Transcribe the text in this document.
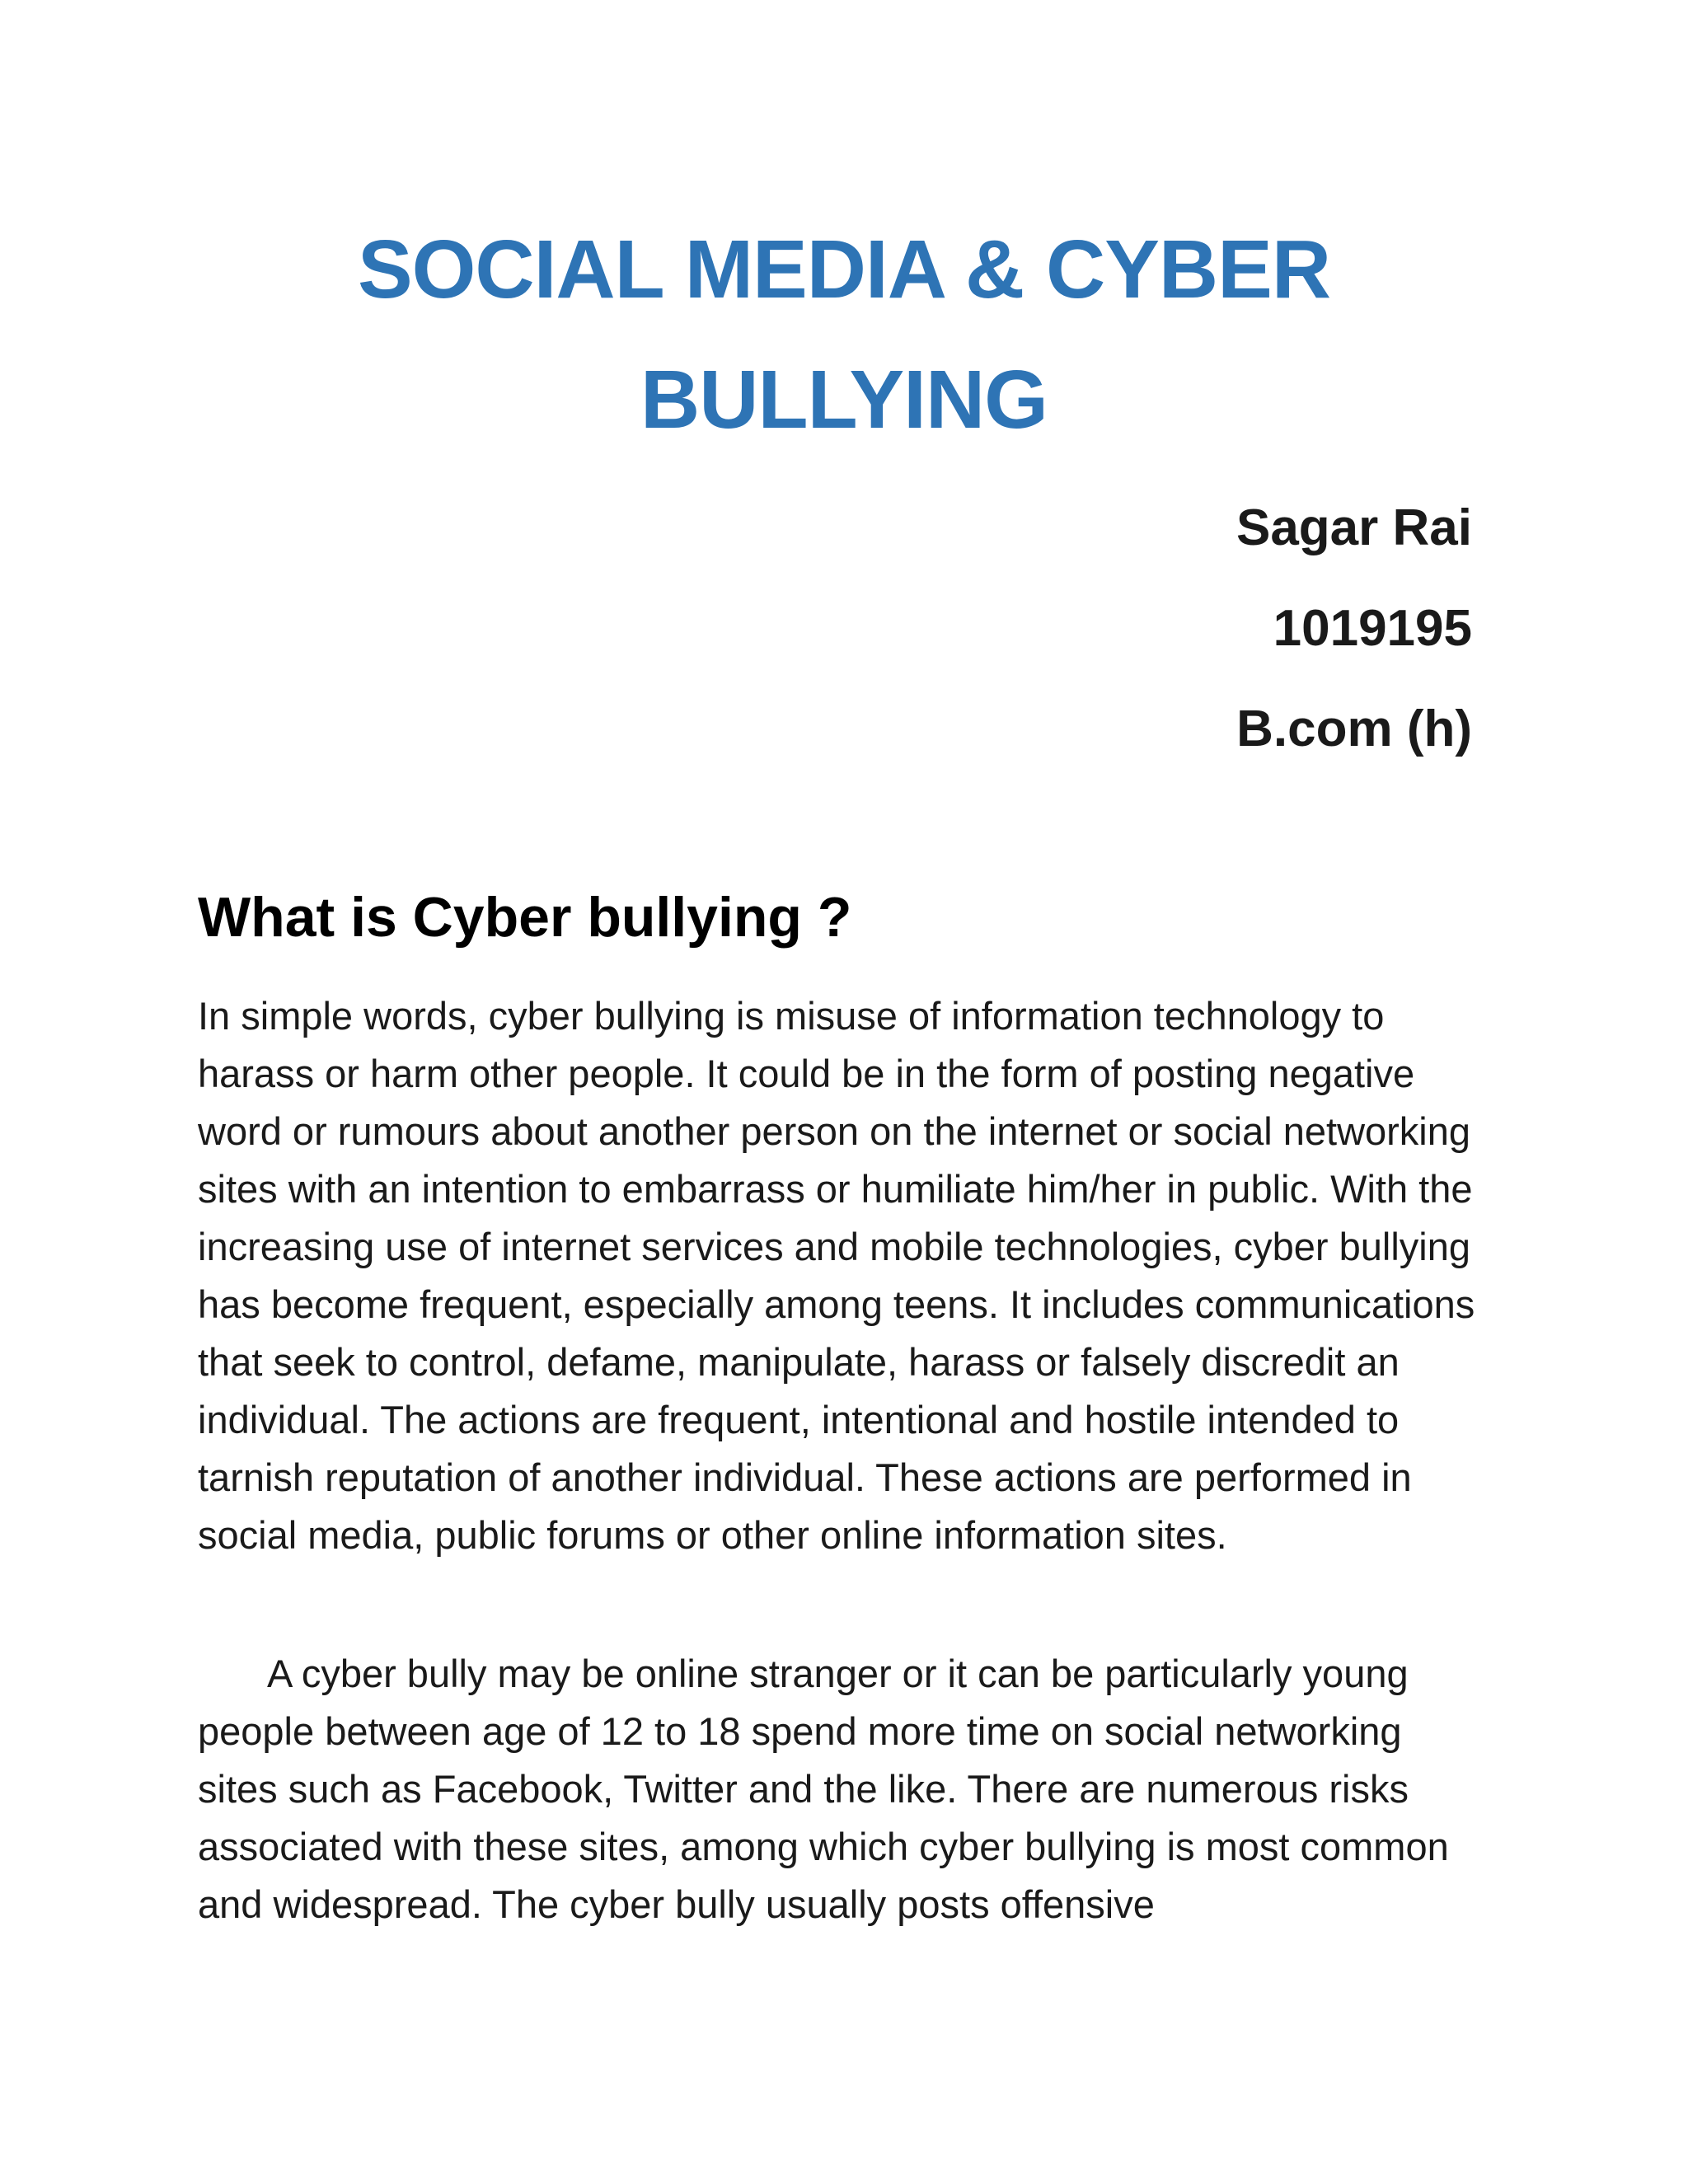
SOCIAL MEDIA & CYBER BULLYING
Sagar Rai
1019195
B.com (h)
What is Cyber bullying ?

In simple words, cyber bullying is misuse of information technology to harass or harm other people. It could be in the form of posting negative word or rumours about another person on the internet or social networking sites with an intention to embarrass or humiliate him/her in public. With the increasing use of internet services and mobile technologies, cyber bullying has become frequent, especially among teens. It includes communications that seek to control, defame, manipulate, harass or falsely discredit an individual. The actions are frequent, intentional and hostile intended to tarnish reputation of another individual. These actions are performed in social media, public forums or other online information sites.

A cyber bully may be online stranger or it can be particularly young people between age of 12 to 18 spend more time on social networking sites such as Facebook, Twitter and the like. There are numerous risks associated with these sites, among which cyber bullying is most common and widespread. The cyber bully usually posts offensive
